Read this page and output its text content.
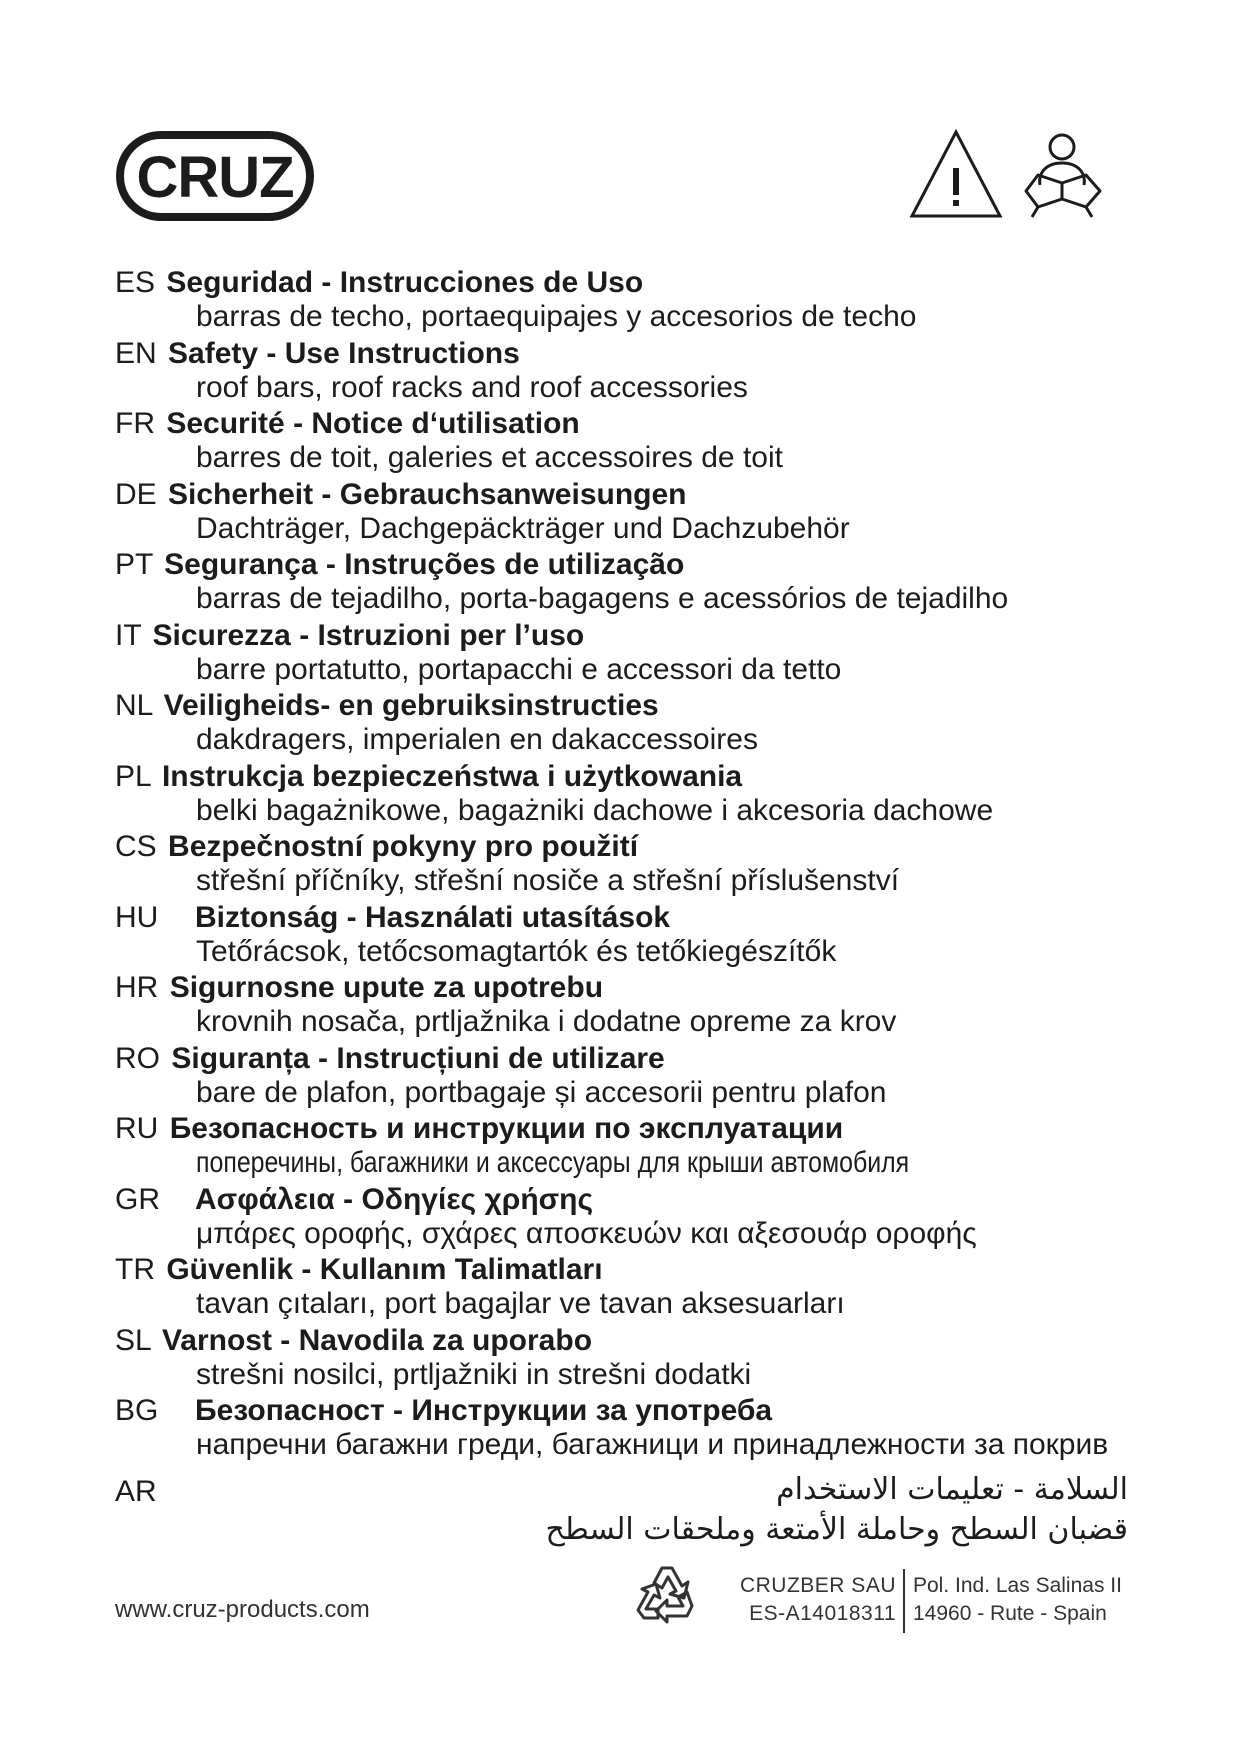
CRUZ
ES Seguridad - Instrucciones de Uso
barras de techo, portaequipajes y accesorios de techo
EN Safety - Use Instructions
roof bars, roof racks and roof accessories
FR Securité - Notice d‘utilisation
barres de toit, galeries et accessoires de toit
DE Sicherheit - Gebrauchsanweisungen
Dachträger, Dachgepäckträger und Dachzubehör
PT Segurança - Instruções de utilização
barras de tejadilho, porta-bagagens e acessórios de tejadilho
IT Sicurezza - Istruzioni per l’uso
barre portatutto, portapacchi e accessori da tetto
NL Veiligheids- en gebruiksinstructies
dakdragers, imperialen en dakaccessoires
PL Instrukcja bezpieczeństwa i użytkowania
belki bagażnikowe, bagażniki dachowe i akcesoria dachowe
CS Bezpečnostní pokyny pro použití
střešní příčníky, střešní nosiče a střešní příslušenství
HU Biztonság - Használati utasítások
Tetőrácsok, tetőcsomagtartók és tetőkiegészítők
HR Sigurnosne upute za upotrebu
krovnih nosača, prtljažnika i dodatne opreme za krov
RO Siguranța - Instrucțiuni de utilizare
bare de plafon, portbagaje și accesorii pentru plafon
RU Безопасность и инструкции по эксплуатации
поперечины, багажники и аксессуары для крыши автомобиля
GR Ασφάλεια - Οδηγίες χρήσης
μπάρες οροφής, σχάρες αποσκευών και αξεσουάρ οροφής
TR Güvenlik - Kullanım Talimatları
tavan çıtaları, port bagajlar ve tavan aksesuarları
SL Varnost - Navodila za uporabo
strešni nosilci, prtljažniki in strešni dodatki
BG Безопасност - Инструкции за употреба
напречни багажни греди, багажници и принадлежности за покрив
AR	السلامة - تعليمات الاستخدام
قضبان السطح وحاملة الأمتعة وملحقات السطح
www.cruz-products.com
CRUZBER SAU
ES-A14018311
Pol. Ind. Las Salinas II
14960 - Rute - Spain
